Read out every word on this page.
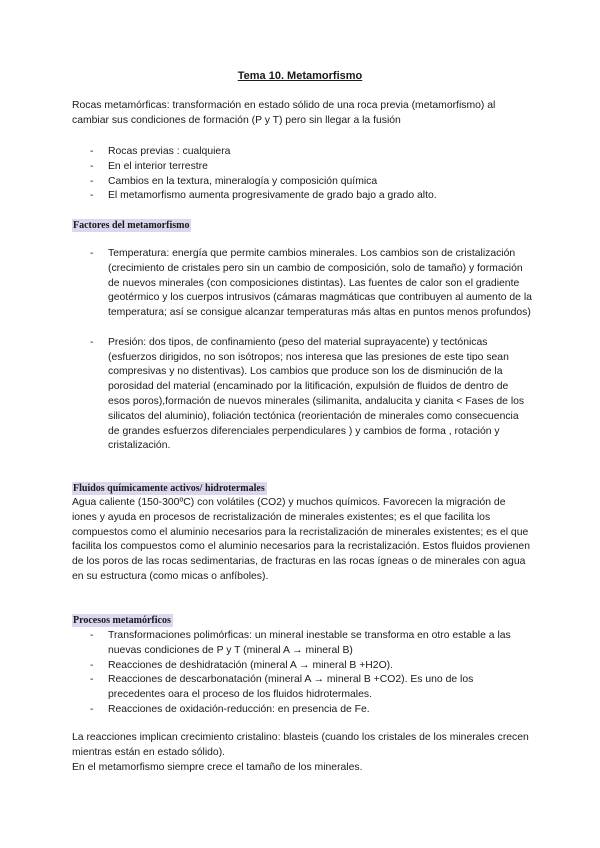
Tema 10. Metamorfismo

Rocas metamórficas: transformación en estado sólido de una roca previa (metamorfismo) al cambiar sus condiciones de formación (P y T) pero sin llegar a la fusión

- Rocas previas : cualquiera
- En el interior terrestre
- Cambios en la textura, mineralogía y composición química
- El metamorfismo aumenta progresivamente de grado bajo a grado alto.
Factores del metamorfismo
- Temperatura: energía que permite cambios minerales. Los cambios son de cristalización (crecimiento de cristales pero sin un cambio de composición, solo de tamaño) y formación de nuevos minerales (con composiciones distintas). Las fuentes de calor son el gradiente geotérmico y los cuerpos intrusivos (cámaras magmáticas que contribuyen al aumento de la temperatura; así se consigue alcanzar temperaturas más altas en puntos menos profundos)
- Presión: dos tipos, de confinamiento (peso del material suprayacente) y tectónicas (esfuerzos dirigidos, no son isótropos; nos interesa que las presiones de este tipo sean compresivas y no distentivas). Los cambios que produce son los de disminución de la porosidad del material (encaminado por la litificación, expulsión de fluidos de dentro de esos poros),formación de nuevos minerales (silimanita, andalucita y cianita < Fases de los silicatos del aluminio), foliación tectónica (reorientación de minerales como consecuencia de grandes esfuerzos diferenciales perpendiculares ) y cambios de forma , rotación y cristalización.
Fluidos químicamente activos/ hidrotermales

Agua caliente (150-300ºC) con volátiles (CO2) y muchos químicos. Favorecen la migración de iones y ayuda en procesos de recristalización de minerales existentes; es el que facilita los compuestos como el aluminio necesarios para la recristalización de minerales existentes; es el que facilita los compuestos como el aluminio necesarios para la recristalización. Estos fluidos provienen de los poros de las rocas sedimentarias, de fracturas en las rocas ígneas o de minerales con agua en su estructura (como micas o anfíboles).

Procesos metamórficos
- Transformaciones polimórficas: un mineral inestable se transforma en otro estable a las nuevas condiciones de P y T (mineral A → mineral B)
- Reacciones de deshidratación (mineral A → mineral B +H2O).
- Reacciones de descarbonatación (mineral A → mineral B +CO2). Es uno de los precedentes oara el proceso de los fluidos hidrotermales.
- Reacciones de oxidación-reducción: en presencia de Fe.

La reacciones implican crecimiento cristalino: blasteis (cuando los cristales de los minerales crecen mientras están en estado sólido).

En el metamorfismo siempre crece el tamaño de los minerales.
